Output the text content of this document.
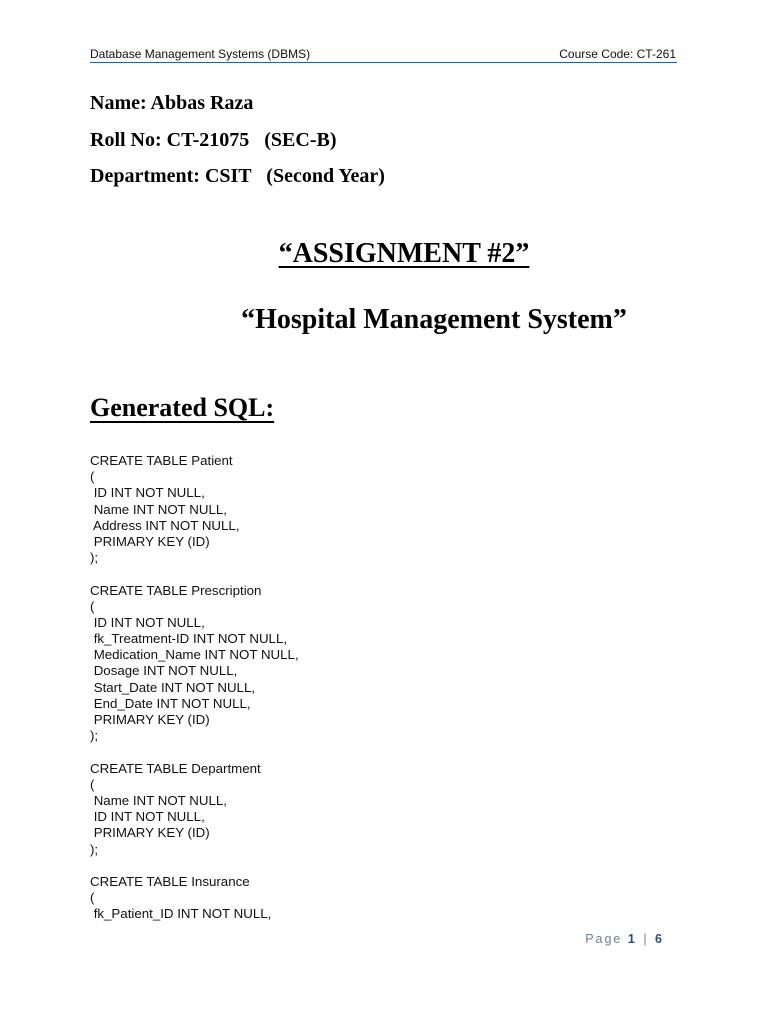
Database Management Systems (DBMS)	Course Code: CT-261
Name: Abbas Raza
Roll No: CT-21075   (SEC-B)
Department: CSIT   (Second Year)
“ASSIGNMENT #2”
“Hospital Management System”
Generated SQL:
CREATE TABLE Patient
(
ID INT NOT NULL,
Name INT NOT NULL,
Address INT NOT NULL,
PRIMARY KEY (ID)
);
CREATE TABLE Prescription
(
ID INT NOT NULL,
fk_Treatment-ID INT NOT NULL,
Medication_Name INT NOT NULL,
Dosage INT NOT NULL,
Start_Date INT NOT NULL,
End_Date INT NOT NULL,
PRIMARY KEY (ID)
);
CREATE TABLE Department
(
Name INT NOT NULL,
ID INT NOT NULL,
PRIMARY KEY (ID)
);
CREATE TABLE Insurance
(
fk_Patient_ID INT NOT NULL,
Page 1 | 6
